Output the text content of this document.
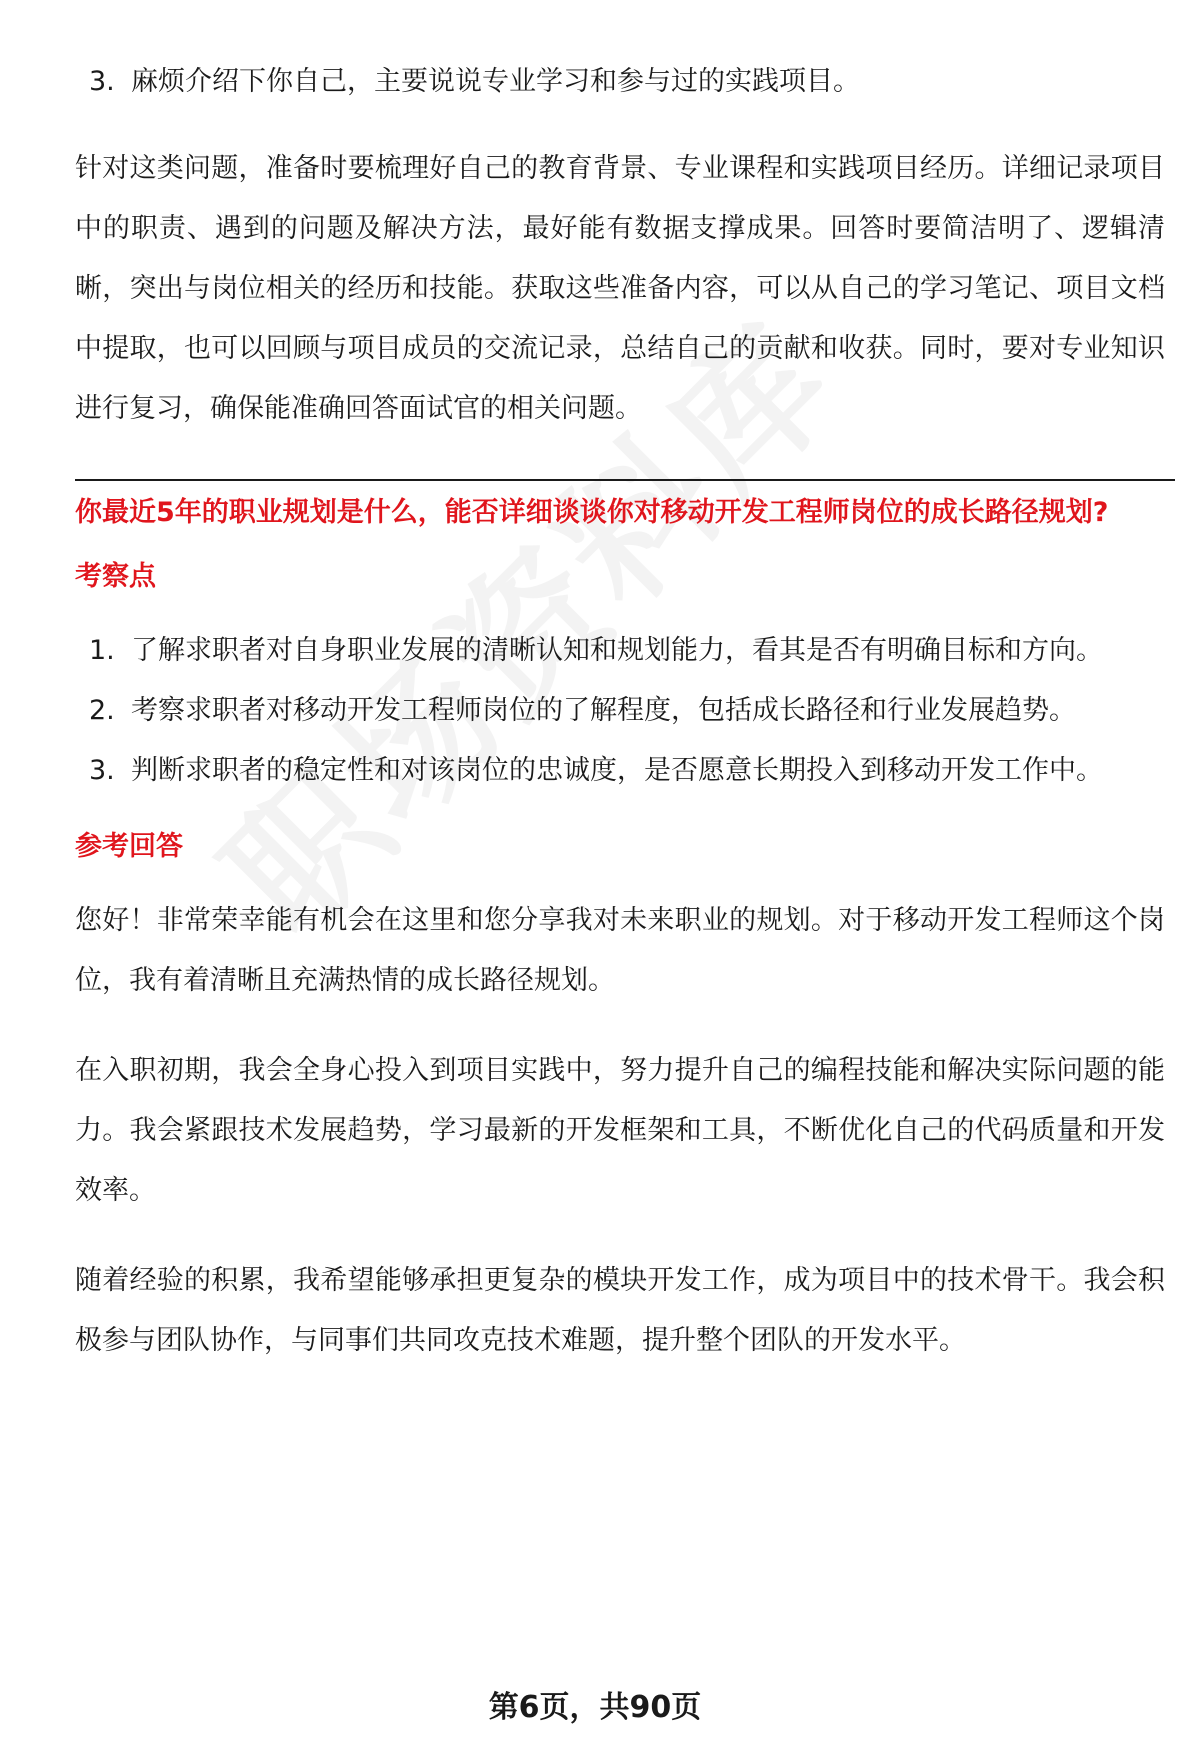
3. 麻烦介绍下你自己，主要说说专业学习和参与过的实践项目。

针对这类问题，准备时要梳理好自己的教育背景、专业课程和实践项目经历。详细记录项目中的职责、遇到的问题及解决方法，最好能有数据支撑成果。回答时要简洁明了、逻辑清晰，突出与岗位相关的经历和技能。获取这些准备内容，可以从自己的学习笔记、项目文档中提取，也可以回顾与项目成员的交流记录，总结自己的贡献和收获。同时，要对专业知识进行复习，确保能准确回答面试官的相关问题。

你最近5年的职业规划是什么，能否详细谈谈你对移动开发工程师岗位的成长路径规划?

考察点

1. 了解求职者对自身职业发展的清晰认知和规划能力，看其是否有明确目标和方向。
2. 考察求职者对移动开发工程师岗位的了解程度，包括成长路径和行业发展趋势。
3. 判断求职者的稳定性和对该岗位的忠诚度，是否愿意长期投入到移动开发工作中。

参考回答

您好！非常荣幸能有机会在这里和您分享我对未来职业的规划。对于移动开发工程师这个岗位，我有着清晰且充满热情的成长路径规划。

在入职初期，我会全身心投入到项目实践中，努力提升自己的编程技能和解决实际问题的能力。我会紧跟技术发展趋势，学习最新的开发框架和工具，不断优化自己的代码质量和开发效率。

随着经验的积累，我希望能够承担更复杂的模块开发工作，成为项目中的技术骨干。我会积极参与团队协作，与同事们共同攻克技术难题，提升整个团队的开发水平。

第6页，共90页
